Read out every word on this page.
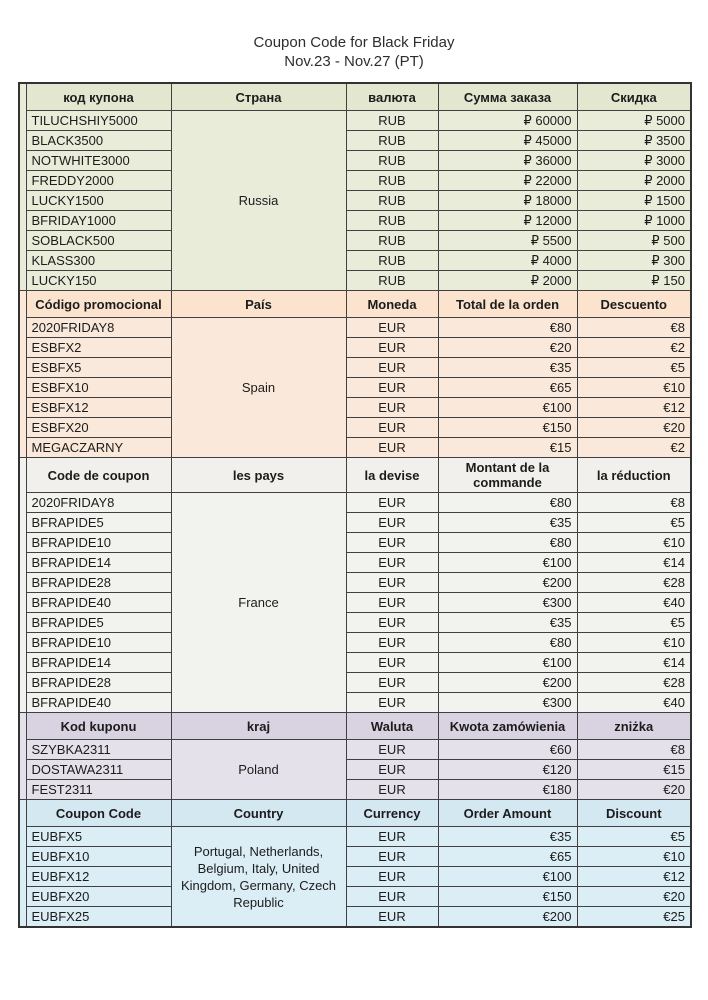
Coupon Code for Black Friday
Nov.23 - Nov.27 (PT)
	код купона	Страна	валюта	Сумма заказа	Скидка
	TILUCHSHIY5000	Russia	RUB	₽ 60000	₽ 5000
	BLACK3500		RUB	₽ 45000	₽ 3500
	NOTWHITE3000		RUB	₽ 36000	₽ 3000
	FREDDY2000		RUB	₽ 22000	₽ 2000
	LUCKY1500		RUB	₽ 18000	₽ 1500
	BFRIDAY1000		RUB	₽ 12000	₽ 1000
	SOBLACK500		RUB	₽ 5500	₽ 500
	KLASS300		RUB	₽ 4000	₽ 300
	LUCKY150		RUB	₽ 2000	₽ 150
	Código promocional	País	Moneda	Total de la orden	Descuento
	2020FRIDAY8	Spain	EUR	€80	€8
	ESBFX2		EUR	€20	€2
	ESBFX5		EUR	€35	€5
	ESBFX10		EUR	€65	€10
	ESBFX12		EUR	€100	€12
	ESBFX20		EUR	€150	€20
	MEGACZARNY		EUR	€15	€2
	Code de coupon	les pays	la devise	Montant de la commande	la réduction
	2020FRIDAY8	France	EUR	€80	€8
	BFRAPIDE5		EUR	€35	€5
	BFRAPIDE10		EUR	€80	€10
	BFRAPIDE14		EUR	€100	€14
	BFRAPIDE28		EUR	€200	€28
	BFRAPIDE40		EUR	€300	€40
	BFRAPIDE5		EUR	€35	€5
	BFRAPIDE10		EUR	€80	€10
	BFRAPIDE14		EUR	€100	€14
	BFRAPIDE28		EUR	€200	€28
	BFRAPIDE40		EUR	€300	€40
	Kod kuponu	kraj	Waluta	Kwota zamówienia	zniżka
	SZYBKA2311	Poland	EUR	€60	€8
	DOSTAWA2311		EUR	€120	€15
	FEST2311		EUR	€180	€20
	Coupon Code	Country	Currency	Order Amount	Discount
	EUBFX5	Portugal, Netherlands, Belgium, Italy, United Kingdom, Germany, Czech Republic	EUR	€35	€5
	EUBFX10		EUR	€65	€10
	EUBFX12		EUR	€100	€12
	EUBFX20		EUR	€150	€20
	EUBFX25		EUR	€200	€25
